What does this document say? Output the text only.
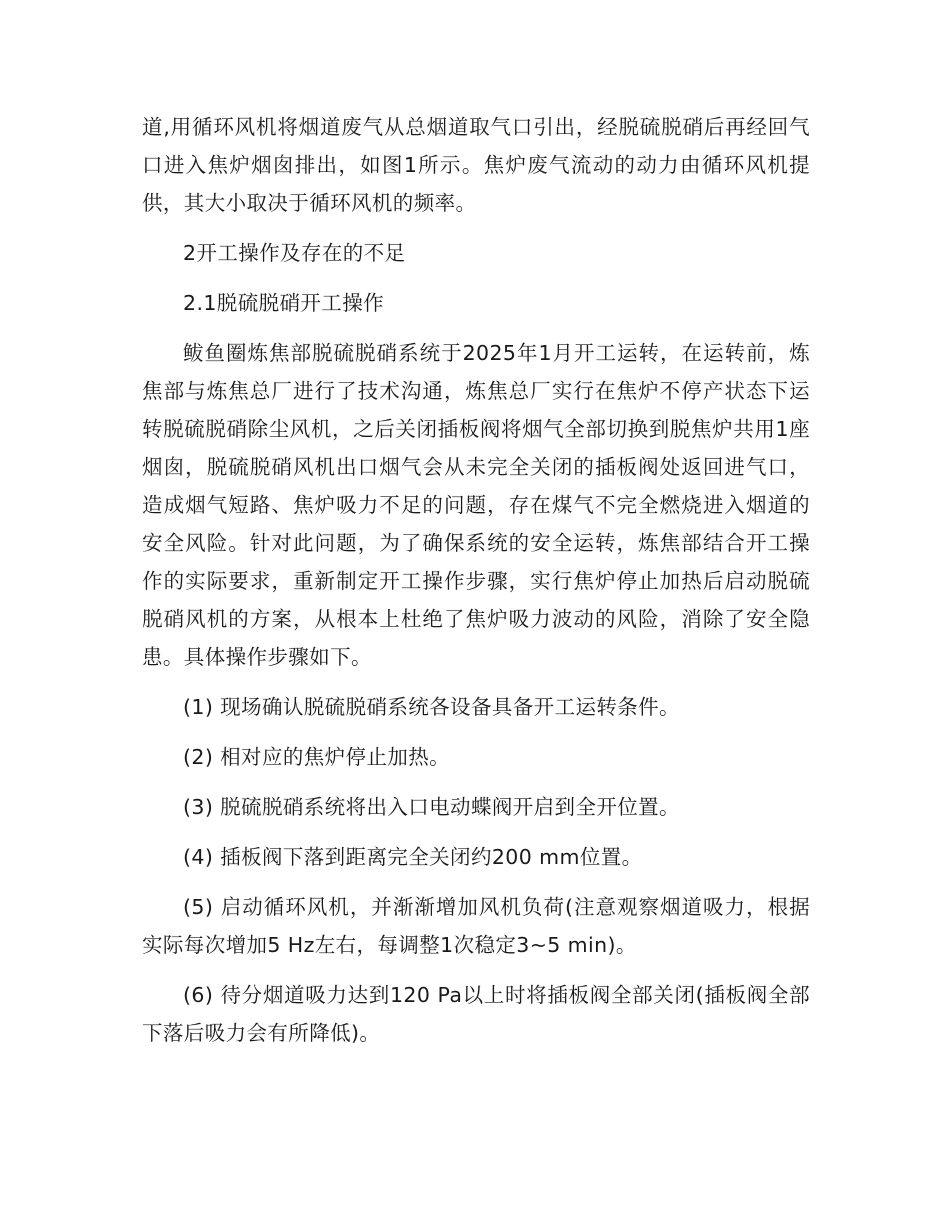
道,用循环风机将烟道废气从总烟道取气口引出，经脱硫脱硝后再经回气口进入焦炉烟囱排出，如图1所示。焦炉废气流动的动力由循环风机提供，其大小取决于循环风机的频率。

2开工操作及存在的不足

2.1脱硫脱硝开工操作

鲅鱼圈炼焦部脱硫脱硝系统于2025年1月开工运转，在运转前，炼焦部与炼焦总厂进行了技术沟通，炼焦总厂实行在焦炉不停产状态下运转脱硫脱硝除尘风机，之后关闭插板阀将烟气全部切换到脱焦炉共用1座烟囱，脱硫脱硝风机出口烟气会从未完全关闭的插板阀处返回进气口，造成烟气短路、焦炉吸力不足的问题，存在煤气不完全燃烧进入烟道的安全风险。针对此问题，为了确保系统的安全运转，炼焦部结合开工操作的实际要求，重新制定开工操作步骤，实行焦炉停止加热后启动脱硫脱硝风机的方案，从根本上杜绝了焦炉吸力波动的风险，消除了安全隐患。具体操作步骤如下。

(1) 现场确认脱硫脱硝系统各设备具备开工运转条件。

(2) 相对应的焦炉停止加热。

(3) 脱硫脱硝系统将出入口电动蝶阀开启到全开位置。

(4) 插板阀下落到距离完全关闭约200 mm位置。

(5) 启动循环风机，并渐渐增加风机负荷(注意观察烟道吸力，根据实际每次增加5 Hz左右，每调整1次稳定3~5 min)。

(6) 待分烟道吸力达到120 Pa以上时将插板阀全部关闭(插板阀全部下落后吸力会有所降低)。
